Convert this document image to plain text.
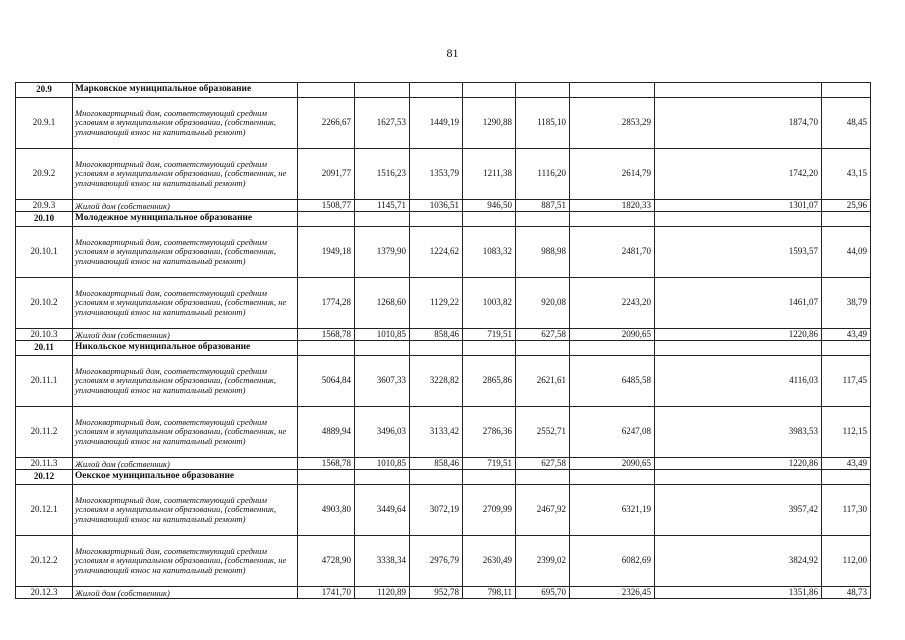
81
20.9	Марковское муниципальное образование								
20.9.1	Многоквартирный дом, соответствующий средним условиям в муниципальном образовании, (собственник, уплачивающий взнос на капитальный ремонт)	2266,67	1627,53	1449,19	1290,88	1185,10	2853,29	1874,70	48,45
20.9.2	Многоквартирный дом, соответствующий средним условиям в муниципальном образовании, (собственник, не уплачивающий взнос на капитальный ремонт)	2091,77	1516,23	1353,79	1211,38	1116,20	2614,79	1742,20	43,15
20.9.3	Жилой дом (собственник)	1508,77	1145,71	1036,51	946,50	887,51	1820,33	1301,07	25,96
20.10	Молодежное муниципальное образование								
20.10.1	Многоквартирный дом, соответствующий средним условиям в муниципальном образовании, (собственник, уплачивающий взнос на капитальный ремонт)	1949,18	1379,90	1224,62	1083,32	988,98	2481,70	1593,57	44,09
20.10.2	Многоквартирный дом, соответствующий средним условиям в муниципальном образовании, (собственник, не уплачивающий взнос на капитальный ремонт)	1774,28	1268,60	1129,22	1003,82	920,08	2243,20	1461,07	38,79
20.10.3	Жилой дом (собственник)	1568,78	1010,85	858,46	719,51	627,58	2090,65	1220,86	43,49
20.11	Никольское муниципальное образование								
20.11.1	Многоквартирный дом, соответствующий средним условиям в муниципальном образовании, (собственник, уплачивающий взнос на капитальный ремонт)	5064,84	3607,33	3228,82	2865,86	2621,61	6485,58	4116,03	117,45
20.11.2	Многоквартирный дом, соответствующий средним условиям в муниципальном образовании, (собственник, не уплачивающий взнос на капитальный ремонт)	4889,94	3496,03	3133,42	2786,36	2552,71	6247,08	3983,53	112,15
20.11.3	Жилой дом (собственник)	1568,78	1010,85	858,46	719,51	627,58	2090,65	1220,86	43,49
20.12	Оекское муниципальное образование								
20.12.1	Многоквартирный дом, соответствующий средним условиям в муниципальном образовании, (собственник, уплачивающий взнос на капитальный ремонт)	4903,80	3449,64	3072,19	2709,99	2467,92	6321,19	3957,42	117,30
20.12.2	Многоквартирный дом, соответствующий средним условиям в муниципальном образовании, (собственник, не уплачивающий взнос на капитальный ремонт)	4728,90	3338,34	2976,79	2630,49	2399,02	6082,69	3824,92	112,00
20.12.3	Жилой дом (собственник)	1741,70	1120,89	952,78	798,11	695,70	2326,45	1351,86	48,73
